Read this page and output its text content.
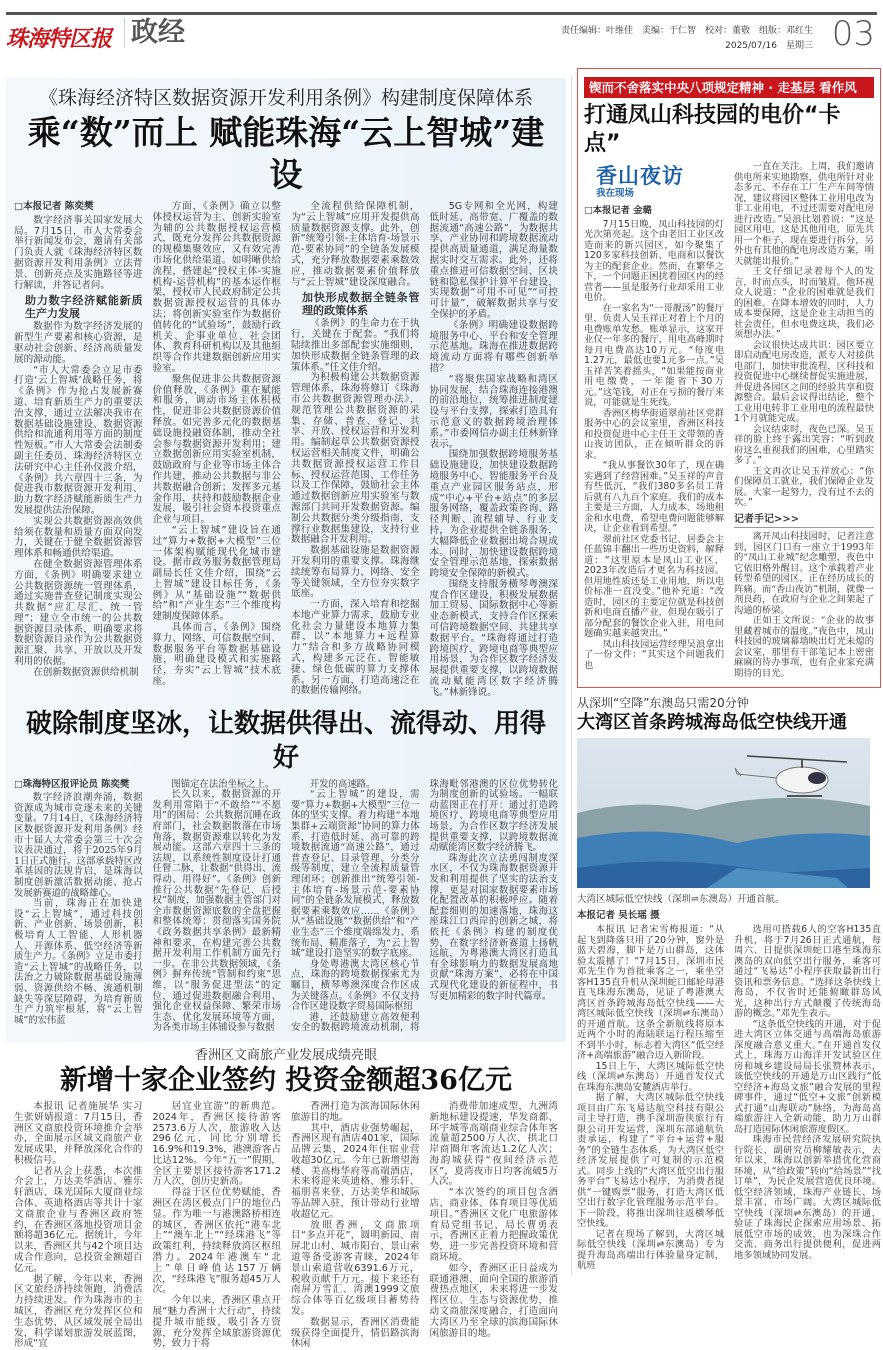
珠海特区报 政经	责任编辑：叶维佳　美编：于仁智　校对：董敬　组版：邓红生
2025/07/16　星期三 03
《珠海经济特区数据资源开发利用条例》构建制度保障体系
乘“数”而上 赋能珠海“云上智城”建设

□本报记者 陈奕樊

数字经济事关国家发展大局。7月15日，市人大常委会举行新闻发布会，邀请有关部门负责人就《珠海经济特区数据资源开发利用条例》立法背景、创新亮点及实施路径等进行解读，并答记者问。

助力数字经济赋能新质生产力发展

数据作为数字经济发展的新型生产要素和核心资源，是驱动社会创新、经济高质量发展的源动能。

“市人大常委会立足市委打造‘云上智城’战略任务，将《条例》作为抢占发展新赛道、培育新质生产力的重要法治支撑，通过立法解决我市在数据基础设施建设、数据资源供给和流通利用等方面的制度性短板。”市人大常委会法制委副主任委员、珠海经济特区立法研究中心主任孙仪波介绍，《条例》共六章四十三条，为促进我市数据资源开发利用、助力数字经济赋能新质生产力发展提供法治保障。

实现公共数据资源高效供给须在数量和质量方面双向发力，关键在于健全数据资源管理体系和畅通供给渠道。

在健全数据资源管理体系方面，《条例》明确要求建立公共数据资源统一管理体系，通过实施普查登记制度实现公共数据“应汇尽汇、统一管理”；建立全市统一的公共数据资源目录体系，明确要求将数据资源目录作为公共数据资源汇聚、共享、开放以及开发利用的依据。

在创新数据资源供给机制

方面，《条例》确立以整体授权运营为主、创新实验室为辅的公共数据授权运营模式，既充分发挥公共数据资源的规模集聚效应，又有效完善市场化供给渠道。如明晰供给流程，搭建起“授权主体-实施机构-运营机构”的基本运作框架，授权市人民政府制定公共数据资源授权运营的具体办法；将创新实验室作为数据价值转化的“试验场”，鼓励行政机关、企事业单位、社会团体、教育科研机构以及其他组织等合作共建数据创新应用实验室。

聚焦促进非公共数据资源价值释放，《条例》重在赋能和服务，调动市场主体积极性，促进非公共数据资源价值释放。如完善多元化的数据基础设施投融资体制，推动全社会参与数据资源开发利用；建立数据创新应用实验室机制，鼓励政府与企业等市场主体合作共建，推动公共数据与非公共数据融合创新；发挥多元基金作用，扶持和鼓励数据企业发展，吸引社会资本投资重点企业与项目。

“云上智城”建设旨在通过“算力+数据+大模型”三位一体架构赋能现代化城市建设。据市政务服务数据管理局副局长任文佳介绍，围绕“云上智城”建设目标任务，《条例》从“基础设施”“数据供给”和“产业生态”三个维度构建制度保障体系。

具体而言，《条例》围绕算力、网络、可信数据空间、数据服务平台等数据基础设施，明确建设模式和实施路径，夯实“云上智城”技术底座。

全流程供给保障机制，为“云上智城”应用开发提供高质量数据资源支撑。此外，创新“统筹引领-主体培育-场景示范-要素协同”的全链条发展模式，充分释放数据要素乘数效应，推动数据要素价值释放与“云上智城”建设深度融合。

加快形成数据全链条管理的政策体系

《条例》的生命力在于执行，关键在于配套。“我们将陆续推出多部配套实施细则，加快形成数据全链条管理的政策体系。”任文佳介绍。

为积极构建公共数据资源管理体系，珠海将修订《珠海市公共数据资源管理办法》，规范管理公共数据资源的采集、存储、普查、登记、共享、开放、授权运营和开发利用。编制起草公共数据资源授权运营相关制度文件，明确公共数据资源授权运营工作目标、授权运营范围、工作任务以及工作保障，鼓励社会主体通过数据创新应用实验室与数源部门共同开发数据资源。编制公共数据分类分级指南，支撑行业数据集建设，支持行业数据融合开发利用。

数据基础设施是数据资源开发利用的重要支撑。珠海继续统筹布局算力、网络、安全等关键领域，全方位夯实数字底座。

一方面，深入培育和挖掘本地产业算力需求，鼓励专业化社会力量建设本地算力集群，以“本地算力+远程算力”结合和多方战略协同模式，构建多元泛在、智能敏捷、绿色低碳的算力支撑体系。另一方面，打造高速泛在的数据传输网络。

5G专网和全光网，构建低时延、高带宽、广覆盖的数据流通“高速公路”，为数据共享、产业协同和跨境数据流动提供高质量通道，满足海量数据实时交互需求。此外，还将重点推进可信数据空间、区块链和隐私保护计算平台建设，实现数据“可用不可见”“可控可计量”，破解数据共享与安全保护的矛盾。

《条例》明确建设数据跨境服务中心、平台和安全管理示范基地。珠海在推进数据跨境流动方面将有哪些创新举措？

“将聚焦国家战略和湾区协同发展，结合珠海连接港澳的前沿地位，统筹推进制度建设与平台支撑，探索打造具有示范意义的数据跨境治理体系。”市委网信办副主任林新锋表示。

围绕加强数据跨境服务基础设施建设，加快建设数据跨境服务中心、智能服务平台及重点产业园区服务站点，形成“中心+平台+站点”的多层服务网络，覆盖政策咨询、路径判断、流程辅导、行业支持，为企业提供全链条服务，大幅降低企业数据出境合规成本。同时，加快建设数据跨境安全管理示范基地，探索数据跨境安全保障的新模式。

围绕支持服务横琴粤澳深度合作区建设，积极发展数据加工贸易、国际数据中心等新业态新模式，支持合作区探索可信跨境数据空间、共建共享数据平台。“珠海将通过打造跨境医疗、跨境电商等典型应用场景，为合作区数字经济发展提供重要支撑，以跨境数据流动赋能湾区数字经济腾飞。”林新锋说。

破除制度坚冰，让数据供得出、流得动、用得好

□珠海特区报评论员 陈奕樊

数字经济浪潮奔涌，数据资源成为城市竞逐未来的关键变量。7月14日，《珠海经济特区数据资源开发利用条例》经市十届人大常委会第三十次会议表决通过，将于2025年9月1日正式施行。这部承载特区改革基因的法规肯启，是珠海以制度创新激活数据动能、抢占发展新赛道的战略雄心。

当前，珠海正在加快建设“云上智城”，通过科技创新、产业创新、场景创新，积极培育人工智能、人形机器人、开源体系、低空经济等新质生产力。《条例》立足市委打造“云上智城”的战略任务，以法治之力破除数据基础设施薄弱、资源供给不畅、流通机制缺失等深层障碍，为培育新质生产力筑牢根基，将“云上智城”的宏伟蓝

图锚定在法治坐标之上。

长久以来，数据资源的开发利用常陷于“不敢给”“不愿用”的困局：公共数据沉睡在政府部门，社会数据散落在市场角落，数据资源难以转化为发展动能。这部六章四十三条的法规，以系统性制度设计打通任督二脉，让数据“供得出、流得动、用得好”。《条例》创新推行公共数据“先登记、后授权”制度，加强数据主管部门对全市数据资源底数的全盘把握和整体统筹；贯彻落实国务院《政务数据共享条例》最新精神和要求，在构建完善公共数据开发利用工作机制方面先行一步。在非公共数据领域，《条例》摒弃传统“管制和约束”思维，以“服务促进型法”的定位，通过促进数据融合利用、强化企业权益保障、繁荣市场生态、优化发展环境等方面，为各类市场主体铺设参与数据

开发的高速路。

“云上智城”的建设，需要“算力+数据+大模型”三位一体的坚实支撑。着力构建“本地集群+云端资源”协同的算力体系，打造低时延、高可靠的跨境数据流通“高速公路”，通过普查登记、目录管理、分类分级等制度，建立全流程质量管理闭环；创新推出“统筹引领-主体培育-场景示范-要素协同”的全链条发展模式，释放数据要素乘数效应……《条例》从“基础设施”“数据供给”和“产业生态”三个维度端绵发力、系统布局、精准落子，为“云上智城”建设打造坚实的数字底座。

身处粤港澳大湾区核心节点，珠海的跨境数据探索尤为瞩目，横琴粤澳深度合作区成为关键落点。《条例》不仅支持合作区建设数字贸易国际枢纽

港，还鼓励建立高效便利安全的数据跨境流动机制，将珠海毗邻港澳的区位优势转化为制度创新的试验场。一幅联动蓝图正在打开：通过打造跨境医疗、跨境电商等典型应用场景，为合作区数字经济发展提供重要支撑，以跨境数据流动赋能湾区数字经济腾飞。

珠海此次立法勇闯制度深水区，不仅为珠海数据资源开发和利用提供了坚实的法治支撑，更是对国家数据要素市场化配置改革的积极呼应。随着配套细则的加速落地，珠海这座珠江口西岸的创新之城，将依托《条例》构建的制度优势，在数字经济新赛道上扬帆远航，为粤港澳大湾区打造具有全球影响力的数据发展高地贡献“珠海方案”，必将在中国式现代化建设的新征程中，书写更加精彩的数字时代篇章。

香洲区文商旅产业发展成绩亮眼
新增十家企业签约 投资金额超36亿元

本报讯 记者施展华 实习生张妍婧报道：7月15日，香洲区文商旅投资环境推介会举办，全面展示区域文商旅产业发展成果，并释放深化合作的积极信号。

记者从会上获悉，本次推介会上，万达美华酒店、雅乐轩酒店、珠光国际大厦商业综合体、英迪格酒店等共计十家文商旅企业与香洲区政府签约，在香洲区落地投资项目金额将超36亿元。据统计，今年以来，香洲区共与42个项目达成合作意向，总投资金额超百亿元。

据了解，今年以来，香洲区文旅经济持续领跑，消费活力持续迸发。作为珠海市的主城区，香洲区充分发挥区位和生态优势，从区域发展全局出发，科学谋划旅游发展蓝图，形成“宜

居宜业宜游”的新典范。2024年，香洲区接待游客2573.6万人次，旅游收入达296亿元，同比分别增长16.9%和19.3%，港澳游客占比达12%。今年“五一”假期，全区主要景区接待游客171.2万人次，创历史新高。

得益于区位优势赋能，香洲区在湾区极点门户的地位凸显。作为唯一与港澳路桥相连的城区，香洲区依托“港车北上”“澳车北上”“经珠港飞”等政策红利，持续释放湾区枢纽潜力。2024年港澳车“北上”单日峰值达157万辆次，“经珠港飞”服务超45万人次。

今年以来，香洲区重点开展“魅力香洲十大行动”，持续提升城市能级，吸引各方资源，充分发挥全域旅游资源优势，致力于将

香洲打造为滨海国际休闲旅游目的地。

其中，酒店业强势崛起，香洲区现有酒店401家，国际品牌云集，2024年住宿业营收超30亿元。今年已新增望海楼、美高梅华府等高端酒店，未来将迎来英迪格、雅乐轩、福朋喜来登、万达美华和城际等品牌入驻，预计带动行业增收超亿元。

放眼香洲，文商旅项目“多点开花”，圆明新园、南屏北山村、城市阳台、景山索道等备受游客青睐，2024年景山索道营收6391.6万元，税收贡献千万元。接下来还有南屏万雪汇、湾澳1999文旅综合体等百亿级项目蓄势待发。

数据显示，香洲区消费能级获得全面提升，情侣路滨海休闲

消费带加速成型，九洲湾新地标建设提速，华发商都、环宇城等高端商业综合体年客流量超2500万人次，拱北口岸商圈年客流达1.2亿人次；海韵城获得“夜间经济示范区”，夏湾夜市日均客流破5万人次。

“本次签约的项目包含酒店、商业体、体育项目等优质项目。”香洲区文化广电旅游体育局党组书记、局长曹勇表示，香洲区正着力把握政策优势，进一步完善投资环境和营商环境。

如今，香洲区正日益成为联通港澳、面向全国的旅游消费热点地区，未来将进一步发挥区位、生态与资源优势，推动文商旅深度融合，打造面向大湾区乃至全球的滨海国际休闲旅游目的地。

锲而不舍落实中央八项规定精神 · 走基层 看作风
打通凤山科技园的电价“卡点”
香山夜访
我在现场

□本报记者 金璐

7月15日晚，凤山科技园的灯光次第亮起。这个由老旧工业区改造而来的新兴园区，如今聚集了120多家科技创新、电商和以餐饮为主的配套企业。然而，在繁华之下，一个问题正困扰着园区内的经营者——虽是服务行业却采用工业电价。

在一家名为“一哥靓汤”的餐厅里，负责人吴玉祥正对着上个月的电费账单发愁。账单显示，这家开业仅一年多的餐厅，用电高峰期时每月电费高达10万元。“每度电1.27元，最低也要1元多一点。”吴玉祥苦笑着摇头，“如果能按商业用电缴费，一年能省下30万元。”这笔钱，对正在亏损的餐厅来说，可能就是生死线。

香洲区梅华街道翠前社区党群服务中心的会议室里，香洲区科技和投资促进中心主任王文带领的香山夜访团队，正在倾听群众的诉求。

“我从事餐饮30年了，现在确实遇到了经营困难。”吴玉祥的声音有些低沉，“我们380多名员工背后就有八九百个家庭。我们的成本主要是三方面，人力成本、场地租金和水电费，希望电费问题能够解决，让企业看到希望。”

翠前社区党委书记、居委会主任蓝锦丰翻出一些历史资料，解释道：“这里原本是凤山工业区，2023年改造后才更名为科技园。但用地性质还是工业用地，所以电价标准一直没变。”他补充道：“改造时，园区的主要定位就是科技创新和电商直播产业，但现在吸引了部分配套的餐饮企业入驻，用电问题确实越来越突出。”

凤山科技园运营经理吴浪拿出了一份文件：“其实这个问题我们也

一直在关注。上周，我们邀请供电所来实地勘察，供电所针对业态多元、不存在工厂生产车间等情况，建议将园区整体工业用电改为非工业用电，不过还需要对配电房进行改造。”吴浪比划着说：“这是园区用电，这是其他用电，原先共用一个柜子，现在要进行拆分，另外也有其他的配电房改造方案，明天就能出报价。”

王文仔细记录着每个人的发言，时而点头，时而皱眉。他环视众人说道：“企业的困难就是我们的困难。在降本增效的同时，人力成本要保障，这是企业主动担当的社会责任，但水电费这块，我们必须想办法。”

会议很快达成共识：园区要立即启动配电房改造，派专人对接供电部门，加快审批流程，区科技和投资促进中心继续督促实施进展，并促进各园区之间的经验共享和资源整合。最后会议得出结论，整个工业用电转非工业用电的流程最快1个月就能完成。

会议结束时，夜色已深。吴玉祥的脸上终于露出笑容：“听到政府这么重视我们的困难，心里踏实多了。”

王文再次让吴玉祥放心：“你们保障员工就业，我们保障企业发展。大家一起努力，没有过不去的坎。”

记者手记>>>

离开凤山科技园时，记者注意到，园区门口有一座立于1993年的“凤山工业城”纪念雕塑，夜色中它依旧格外醒目。这个承载着产业转型希望的园区，正在经历成长的阵痛。而“香山夜访”机制，就像一剂良药，在政府与企业之间架起了沟通的桥梁。

正如王文所说：“企业的故事里藏着城市的温度。”夜色中，凤山科技园的玻璃幕墙映出灯光未熄的会议室，那里有干部笔记本上密密麻麻的待办事项，也有企业家充满期待的目光。

从深圳“空降”东澳岛只需20分钟
大湾区首条跨城海岛低空快线开通
大湾区城际低空快线（深圳⇌东澳岛）开通首航。
本报记者 吴长瑶 摄

本报讯 记者宋雪梅报道：“从起飞到降落只用了20分钟，窗外是蓝天碧海，脚下是万山群岛，这体验太震撼了！”7月15日，深圳市民邓先生作为首批乘客之一，乘坐空客H135直升机从深圳蛇口邮轮母港直飞珠海东澳岛，见证了粤港澳大湾区首条跨城海岛低空快线——大湾区城际低空快线（深圳⇌东澳岛）的开通首航。这条全新航线将原本近两个小时的海陆联运行程压缩至不到半小时，标志着大湾区“低空经济+高端旅游”融合迈入新阶段。

15日上午，大湾区城际低空快线（深圳⇌东澳岛）开通首发仪式在珠海东澳岛安麓酒店举行。

据了解，大湾区城际低空快线项目由广东飞易达航空科技有限公司主导打造，携手深圳游侠旅行有限公司开发运营，深圳东部通航负责承运，构建了“平台+运营+服务”的全链生态体系，为大湾区低空经济发展提供了可复制的示范模式。同步上线的“大湾区低空出行服务平台”飞易达小程序，为消费者提供“一键购票”服务，打造大湾区低空出行数字化管理服务示范平台。下一阶段，将推出深圳往返横琴低空快线。

记者在现场了解到，大湾区城际低空快线（深圳⇌东澳岛）专为提升海岛高端出行体验量身定制，航班

选用可搭载6人的空客H135直升机，将于7月26日正式通航，每周六、日提供深圳蛇口港至珠海东澳岛的双向低空出行服务，乘客可通过“飞易达”小程序获取最新出行资讯和票务信息。“选择这条快线上海岛，不仅省时还能俯瞰群岛风光，这种出行方式颠覆了传统海岛游的概念。”邓先生表示。

“这条低空快线的开通，对于促进大湾区立体交通与高端海岛旅游深度融合意义重大。”在开通首发仪式上，珠海万山海洋开发试验区住房和城乡建设局局长张赞林表示，该低空快线的开通是万山区践行“低空经济+海岛文旅”融合发展的里程碑事件，通过“低空+文旅”创新模式打通“山海联动”脉络，为海岛高端旅游注入全新动能，助力万山群岛打造国际休闲旅游度假区。

珠海市民营经济发展研究院执行院长、副研究员柳耀敏表示，去年以来，珠海以创新举措优化营商环境，从“给政策”转向“给场景”“找订单”，为民企发展营造优良环境。低空经济领域，珠海产业链长、场景丰富、市场广阔。大湾区城际低空快线（深圳⇌东澳岛）的开通，验证了珠海民企探索应用场景、拓展低空市场的成效，也为深珠合作交流、商务出行提供便利，促进两地多领域协同发展。
